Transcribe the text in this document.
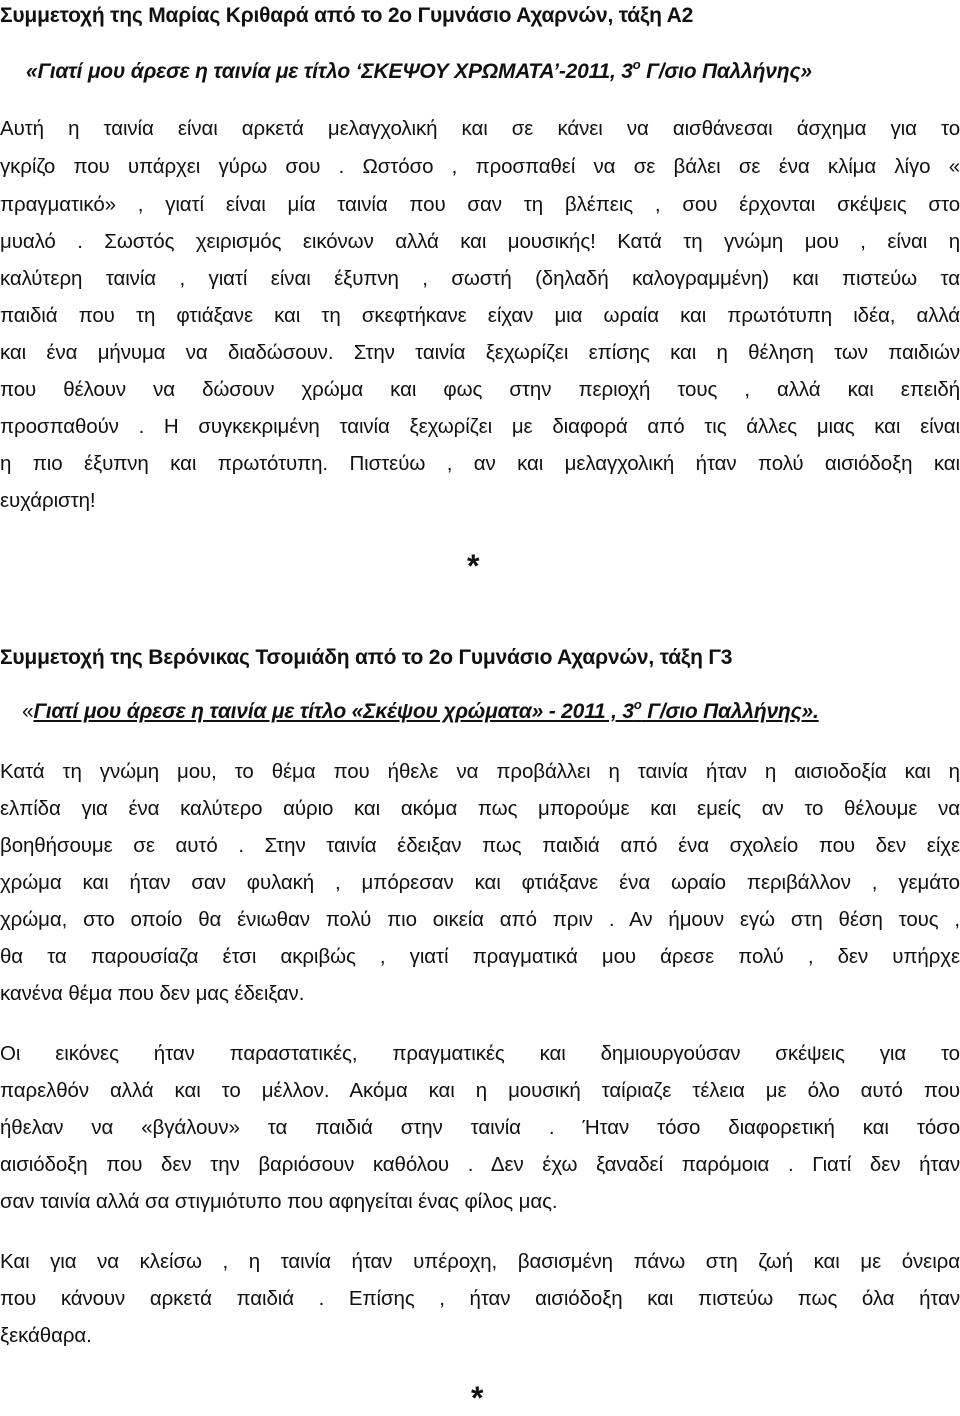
Συμμετοχή της Μαρίας Κριθαρά από το 2ο Γυμνάσιο Αχαρνών, τάξη Α2
«Γιατί μου άρεσε η ταινία με τίτλο ‘ΣΚΕΨΟΥ ΧΡΩΜΑΤΑ’-2011, $3^o$ Γ/σιο Παλλήνης»
Αυτή η ταινία είναι αρκετά μελαγχολική και σε κάνει να αισθάνεσαι άσχημα για το
γκρίζο που υπάρχει γύρω σου . Ωστόσο , προσπαθεί να σε βάλει σε ένα κλίμα λίγο «
πραγματικό» , γιατί είναι μία ταινία που σαν τη βλέπεις , σου έρχονται σκέψεις στο
μυαλό . Σωστός χειρισμός εικόνων αλλά και μουσικής! Κατά τη γνώμη μου , είναι η
καλύτερη ταινία , γιατί είναι έξυπνη , σωστή (δηλαδή καλογραμμένη) και πιστεύω τα
παιδιά που τη φτιάξανε και τη σκεφτήκανε είχαν μια ωραία και πρωτότυπη ιδέα, αλλά
και ένα μήνυμα να διαδώσουν. Στην ταινία ξεχωρίζει επίσης και η θέληση των παιδιών
που θέλουν να δώσουν χρώμα και φως στην περιοχή τους , αλλά και επειδή
προσπαθούν . Η συγκεκριμένη ταινία ξεχωρίζει με διαφορά από τις άλλες μιας και είναι
η πιο έξυπνη και πρωτότυπη. Πιστεύω , αν και μελαγχολική ήταν πολύ αισιόδοξη και
ευχάριστη!
*
Συμμετοχή της Βερόνικας Τσομιάδη από το 2ο Γυμνάσιο Αχαρνών, τάξη Γ3
«Γιατί μου άρεσε η ταινία με τίτλο «Σκέψου χρώματα» - 2011 , $3^o$ Γ/σιο Παλλήνης».
Κατά τη γνώμη μου, το θέμα που ήθελε να προβάλλει η ταινία ήταν η αισιοδοξία και η
ελπίδα για ένα καλύτερο αύριο και ακόμα πως μπορούμε και εμείς αν το θέλουμε να
βοηθήσουμε σε αυτό . Στην ταινία έδειξαν πως παιδιά από ένα σχολείο που δεν είχε
χρώμα και ήταν σαν φυλακή , μπόρεσαν και φτιάξανε ένα ωραίο περιβάλλον , γεμάτο
χρώμα, στο οποίο θα ένιωθαν πολύ πιο οικεία από πριν . Αν ήμουν εγώ στη θέση τους ,
θα τα παρουσίαζα έτσι ακριβώς , γιατί πραγματικά μου άρεσε πολύ , δεν υπήρχε
κανένα θέμα που δεν μας έδειξαν.
Οι εικόνες ήταν παραστατικές, πραγματικές και δημιουργούσαν σκέψεις για το
παρελθόν αλλά και το μέλλον. Ακόμα και η μουσική ταίριαζε τέλεια με όλο αυτό που
ήθελαν να «βγάλουν» τα παιδιά στην ταινία . Ήταν τόσο διαφορετική και τόσο
αισιόδοξη που δεν την βαριόσουν καθόλου . Δεν έχω ξαναδεί παρόμοια . Γιατί δεν ήταν
σαν ταινία αλλά σα στιγμιότυπο που αφηγείται ένας φίλος μας.
Και για να κλείσω , η ταινία ήταν υπέροχη, βασισμένη πάνω στη ζωή και με όνειρα
που κάνουν αρκετά παιδιά . Επίσης , ήταν αισιόδοξη και πιστεύω πως όλα ήταν
ξεκάθαρα.
*
